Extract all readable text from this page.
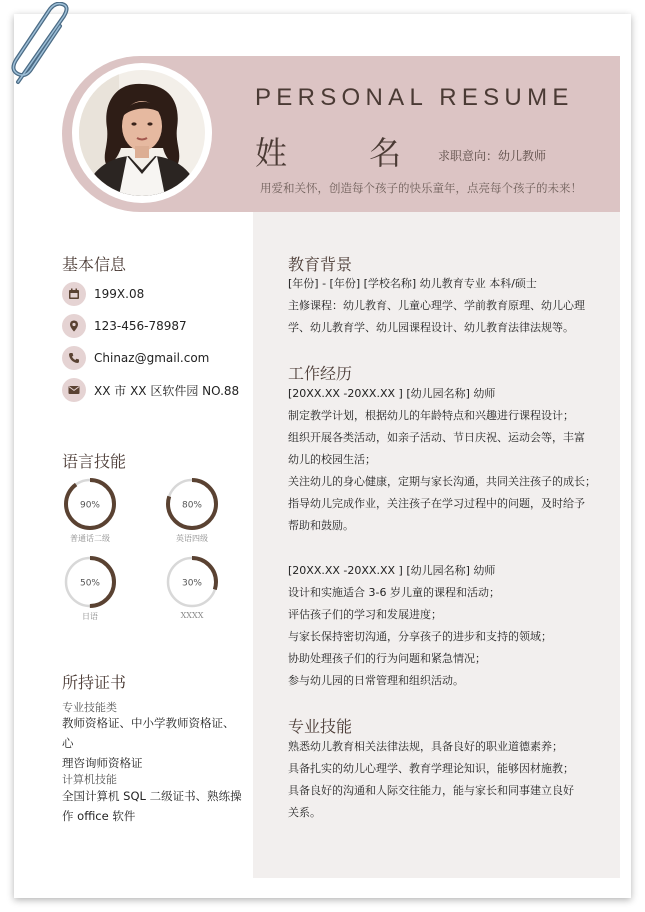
PERSONAL RESUME
姓 名 求职意向：幼儿教师
用爱和关怀，创造每个孩子的快乐童年，点亮每个孩子的未来！
基本信息
199X.08
123-456-78987
Chinaz@gmail.com
XX 市 XX 区软件园 NO.88
语言技能
90%
普通话二级
80%
英语四级
50%
日语
30%
XXXX
所持证书
专业技能类
教师资格证、中小学教师资格证、心
理咨询师资格证
计算机技能
全国计算机 SQL 二级证书、熟练操
作 office 软件
教育背景
[年份] - [年份] [学校名称] 幼儿教育专业 本科/硕士
主修课程：幼儿教育、儿童心理学、学前教育原理、幼儿心理
学、幼儿教育学、幼儿园课程设计、幼儿教育法律法规等。
工作经历
[20XX.XX -20XX.XX ] [幼儿园名称] 幼师
制定教学计划，根据幼儿的年龄特点和兴趣进行课程设计；
组织开展各类活动，如亲子活动、节日庆祝、运动会等，丰富
幼儿的校园生活；
关注幼儿的身心健康，定期与家长沟通，共同关注孩子的成长；
指导幼儿完成作业，关注孩子在学习过程中的问题，及时给予
帮助和鼓励。
[20XX.XX -20XX.XX ] [幼儿园名称] 幼师
设计和实施适合 3-6 岁儿童的课程和活动；
评估孩子们的学习和发展进度；
与家长保持密切沟通，分享孩子的进步和支持的领域；
协助处理孩子们的行为问题和紧急情况；
参与幼儿园的日常管理和组织活动。
专业技能
熟悉幼儿教育相关法律法规，具备良好的职业道德素养；
具备扎实的幼儿心理学、教育学理论知识，能够因材施教；
具备良好的沟通和人际交往能力，能与家长和同事建立良好
关系。
